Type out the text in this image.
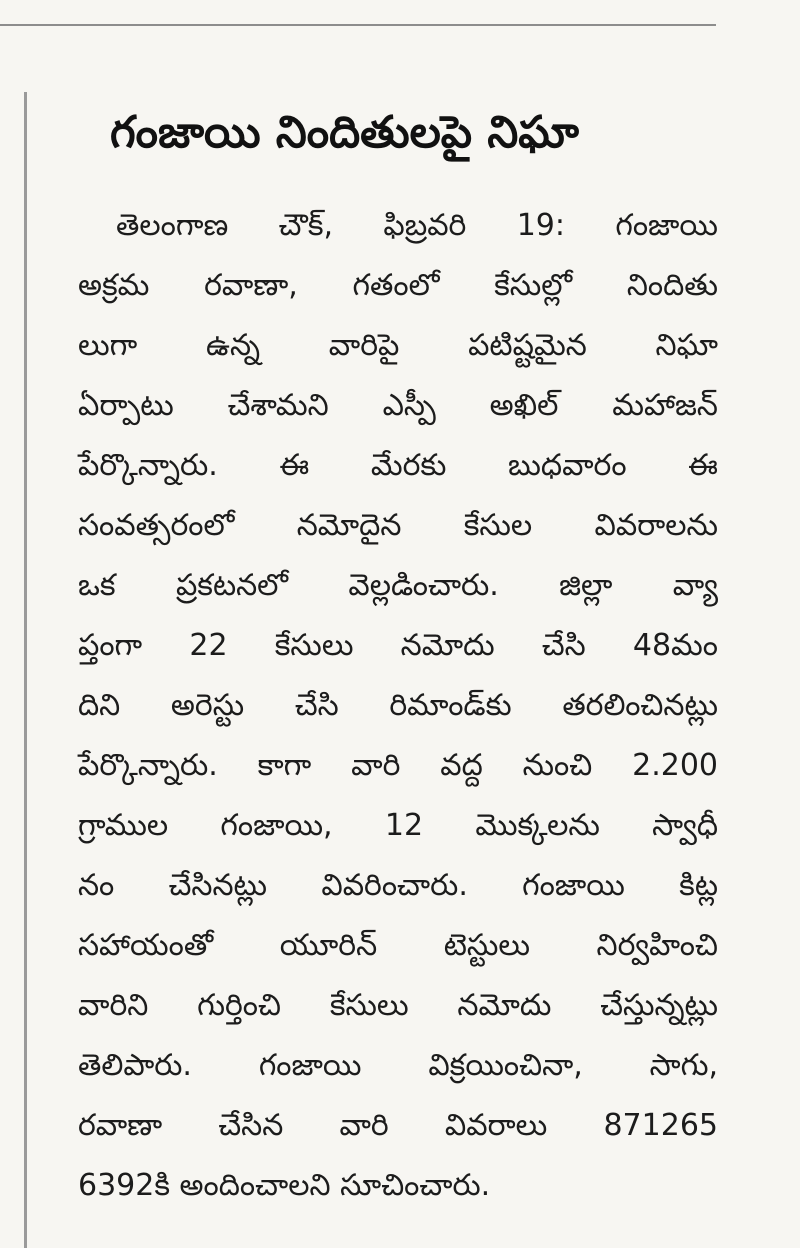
గంజాయి నిందితులపై నిఘా
తెలంగాణ చౌక్, ఫిబ్రవరి 19: గంజాయి
అక్రమ రవాణా, గతంలో కేసుల్లో నిందితు
లుగా ఉన్న వారిపై పటిష్టమైన నిఘా
ఏర్పాటు చేశామని ఎస్పీ అఖిల్ మహాజన్
పేర్కొన్నారు. ఈ మేరకు బుధవారం ఈ
సంవత్సరంలో నమోదైన కేసుల వివరాలను
ఒక ప్రకటనలో వెల్లడించారు. జిల్లా వ్యా
ప్తంగా 22 కేసులు నమోదు చేసి 48మం
దిని అరెస్టు చేసి రిమాండ్‌కు తరలించినట్లు
పేర్కొన్నారు. కాగా వారి వద్ద నుంచి 2.200
గ్రాముల గంజాయి, 12 మొక్కలను స్వాధీ
నం చేసినట్లు వివరించారు. గంజాయి కిట్ల
సహాయంతో యూరిన్ టెస్టులు నిర్వహించి
వారిని గుర్తించి కేసులు నమోదు చేస్తున్నట్లు
తెలిపారు. గంజాయి విక్రయించినా, సాగు,
రవాణా చేసిన వారి వివరాలు 871265
6392కి అందించాలని సూచించారు.
